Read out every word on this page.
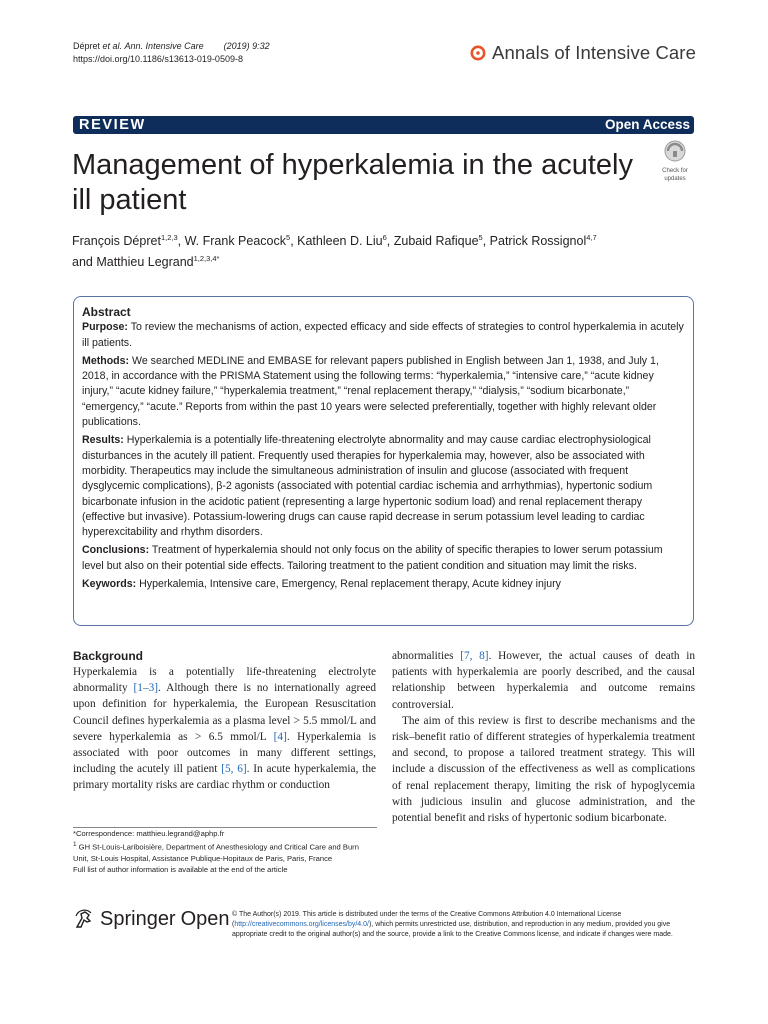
Dépret et al. Ann. Intensive Care (2019) 9:32
https://doi.org/10.1186/s13613-019-0509-8	Annals of Intensive Care
REVIEW	Open Access
Management of hyperkalemia in the acutely ill patient
Check for
updates
François Dépret$^{1,2,3}$, W. Frank Peacock$^5$, Kathleen D. Liu$^6$, Zubaid Rafique$^5$, Patrick Rossignol$^{4,7}$
and Matthieu Legrand$^{1,2,3,4*}$
Abstract

Purpose: To review the mechanisms of action, expected efficacy and side effects of strategies to control hyperkalemia in acutely ill patients.

Methods: We searched MEDLINE and EMBASE for relevant papers published in English between Jan 1, 1938, and July 1, 2018, in accordance with the PRISMA Statement using the following terms: “hyperkalemia,” “intensive care,” “acute kidney injury,” “acute kidney failure,” “hyperkalemia treatment,” “renal replacement therapy,” “dialysis,” “sodium bicarbonate,” “emergency,” “acute.” Reports from within the past 10 years were selected preferentially, together with highly relevant older publications.

Results: Hyperkalemia is a potentially life-threatening electrolyte abnormality and may cause cardiac electrophysiological disturbances in the acutely ill patient. Frequently used therapies for hyperkalemia may, however, also be associated with morbidity. Therapeutics may include the simultaneous administration of insulin and glucose (associated with frequent dysglycemic complications), β-2 agonists (associated with potential cardiac ischemia and arrhythmias), hypertonic sodium bicarbonate infusion in the acidotic patient (representing a large hypertonic sodium load) and renal replacement therapy (effective but invasive). Potassium-lowering drugs can cause rapid decrease in serum potassium level leading to cardiac hyperexcitability and rhythm disorders.

Conclusions: Treatment of hyperkalemia should not only focus on the ability of specific therapies to lower serum potassium level but also on their potential side effects. Tailoring treatment to the patient condition and situation may limit the risks.

Keywords: Hyperkalemia, Intensive care, Emergency, Renal replacement therapy, Acute kidney injury

Background

Hyperkalemia is a potentially life-threatening electrolyte abnormality [1–3]. Although there is no internationally agreed upon definition for hyperkalemia, the European Resuscitation Council defines hyperkalemia as a plasma level > 5.5 mmol/L and severe hyperkalemia as > 6.5 mmol/L [4]. Hyperkalemia is associated with poor outcomes in many different settings, including the acutely ill patient [5, 6]. In acute hyperkalemia, the primary mortality risks are cardiac rhythm or conduction

abnormalities [7, 8]. However, the actual causes of death in patients with hyperkalemia are poorly described, and the causal relationship between hyperkalemia and outcome remains controversial.

The aim of this review is first to describe mechanisms and the risk–benefit ratio of different strategies of hyperkalemia treatment and second, to propose a tailored treatment strategy. This will include a discussion of the effectiveness as well as complications of renal replacement therapy, limiting the risk of hypoglycemia with judicious insulin and glucose administration, and the potential benefit and risks of hypertonic sodium bicarbonate.

*Correspondence: matthieu.legrand@aphp.fr
$^1$ GH St-Louis-Lariboisière, Department of Anesthesiology and Critical Care and Burn Unit, St-Louis Hospital, Assistance Publique-Hopitaux de Paris, Paris, France
Full list of author information is available at the end of the article
Springer Open © The Author(s) 2019. This article is distributed under the terms of the Creative Commons Attribution 4.0 International License (http://creativecommons.org/licenses/by/4.0/), which permits unrestricted use, distribution, and reproduction in any medium, provided you give appropriate credit to the original author(s) and the source, provide a link to the Creative Commons license, and indicate if changes were made.
